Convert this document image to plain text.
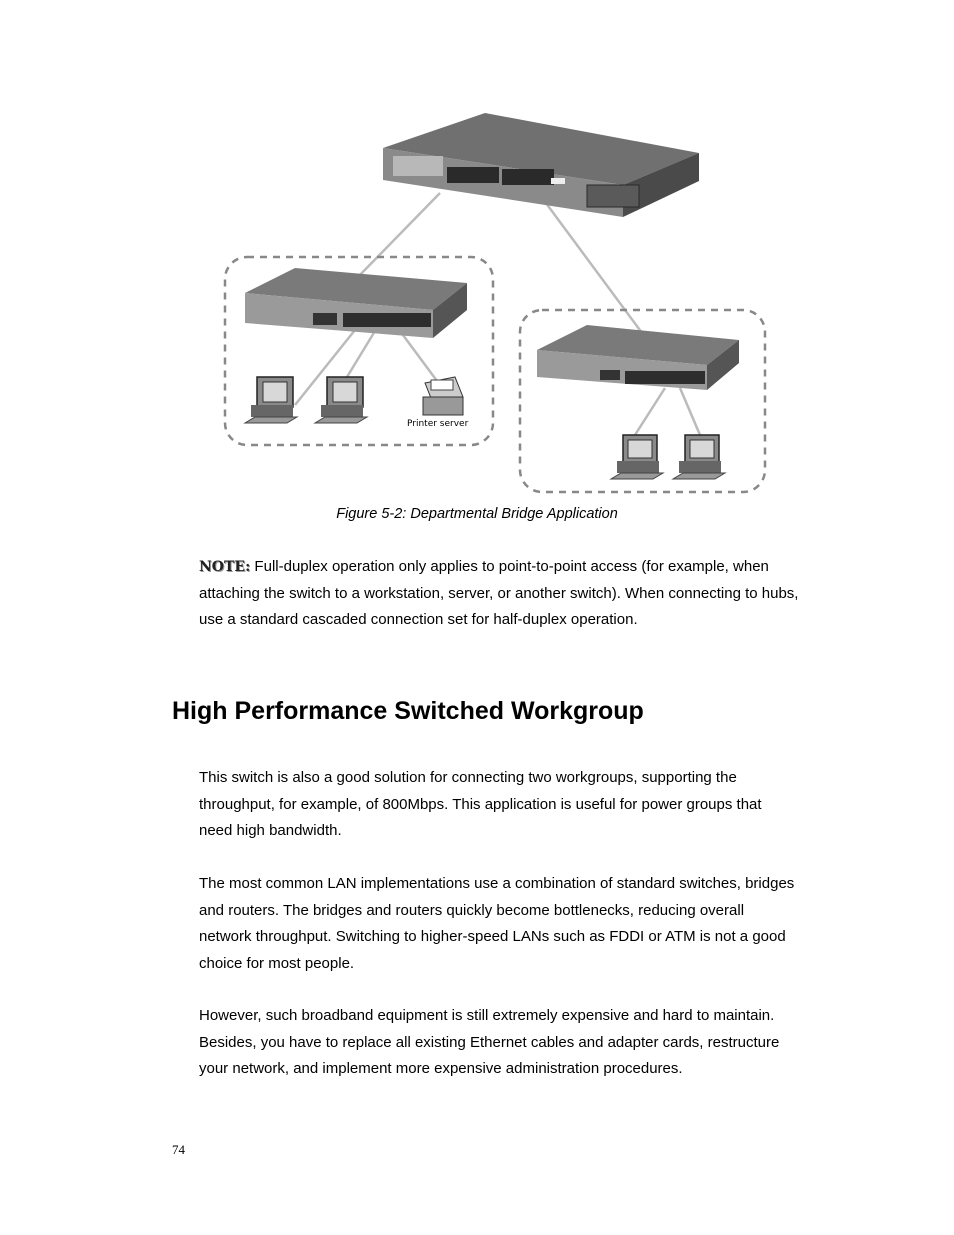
Printer server
Figure 5-2: Departmental Bridge Application

NOTE: Full-duplex operation only applies to point-to-point access (for example, when attaching the switch to a workstation, server, or another switch). When connecting to hubs, use a standard cascaded connection set for half-duplex operation.

High Performance Switched Workgroup

This switch is also a good solution for connecting two workgroups, supporting the throughput, for example, of 800Mbps. This application is useful for power groups that need high bandwidth.

The most common LAN implementations use a combination of standard switches, bridges and routers. The bridges and routers quickly become bottlenecks, reducing overall network throughput. Switching to higher-speed LANs such as FDDI or ATM is not a good choice for most people.

However, such broadband equipment is still extremely expensive and hard to maintain. Besides, you have to replace all existing Ethernet cables and adapter cards, restructure your network, and implement more expensive administration procedures.

74
